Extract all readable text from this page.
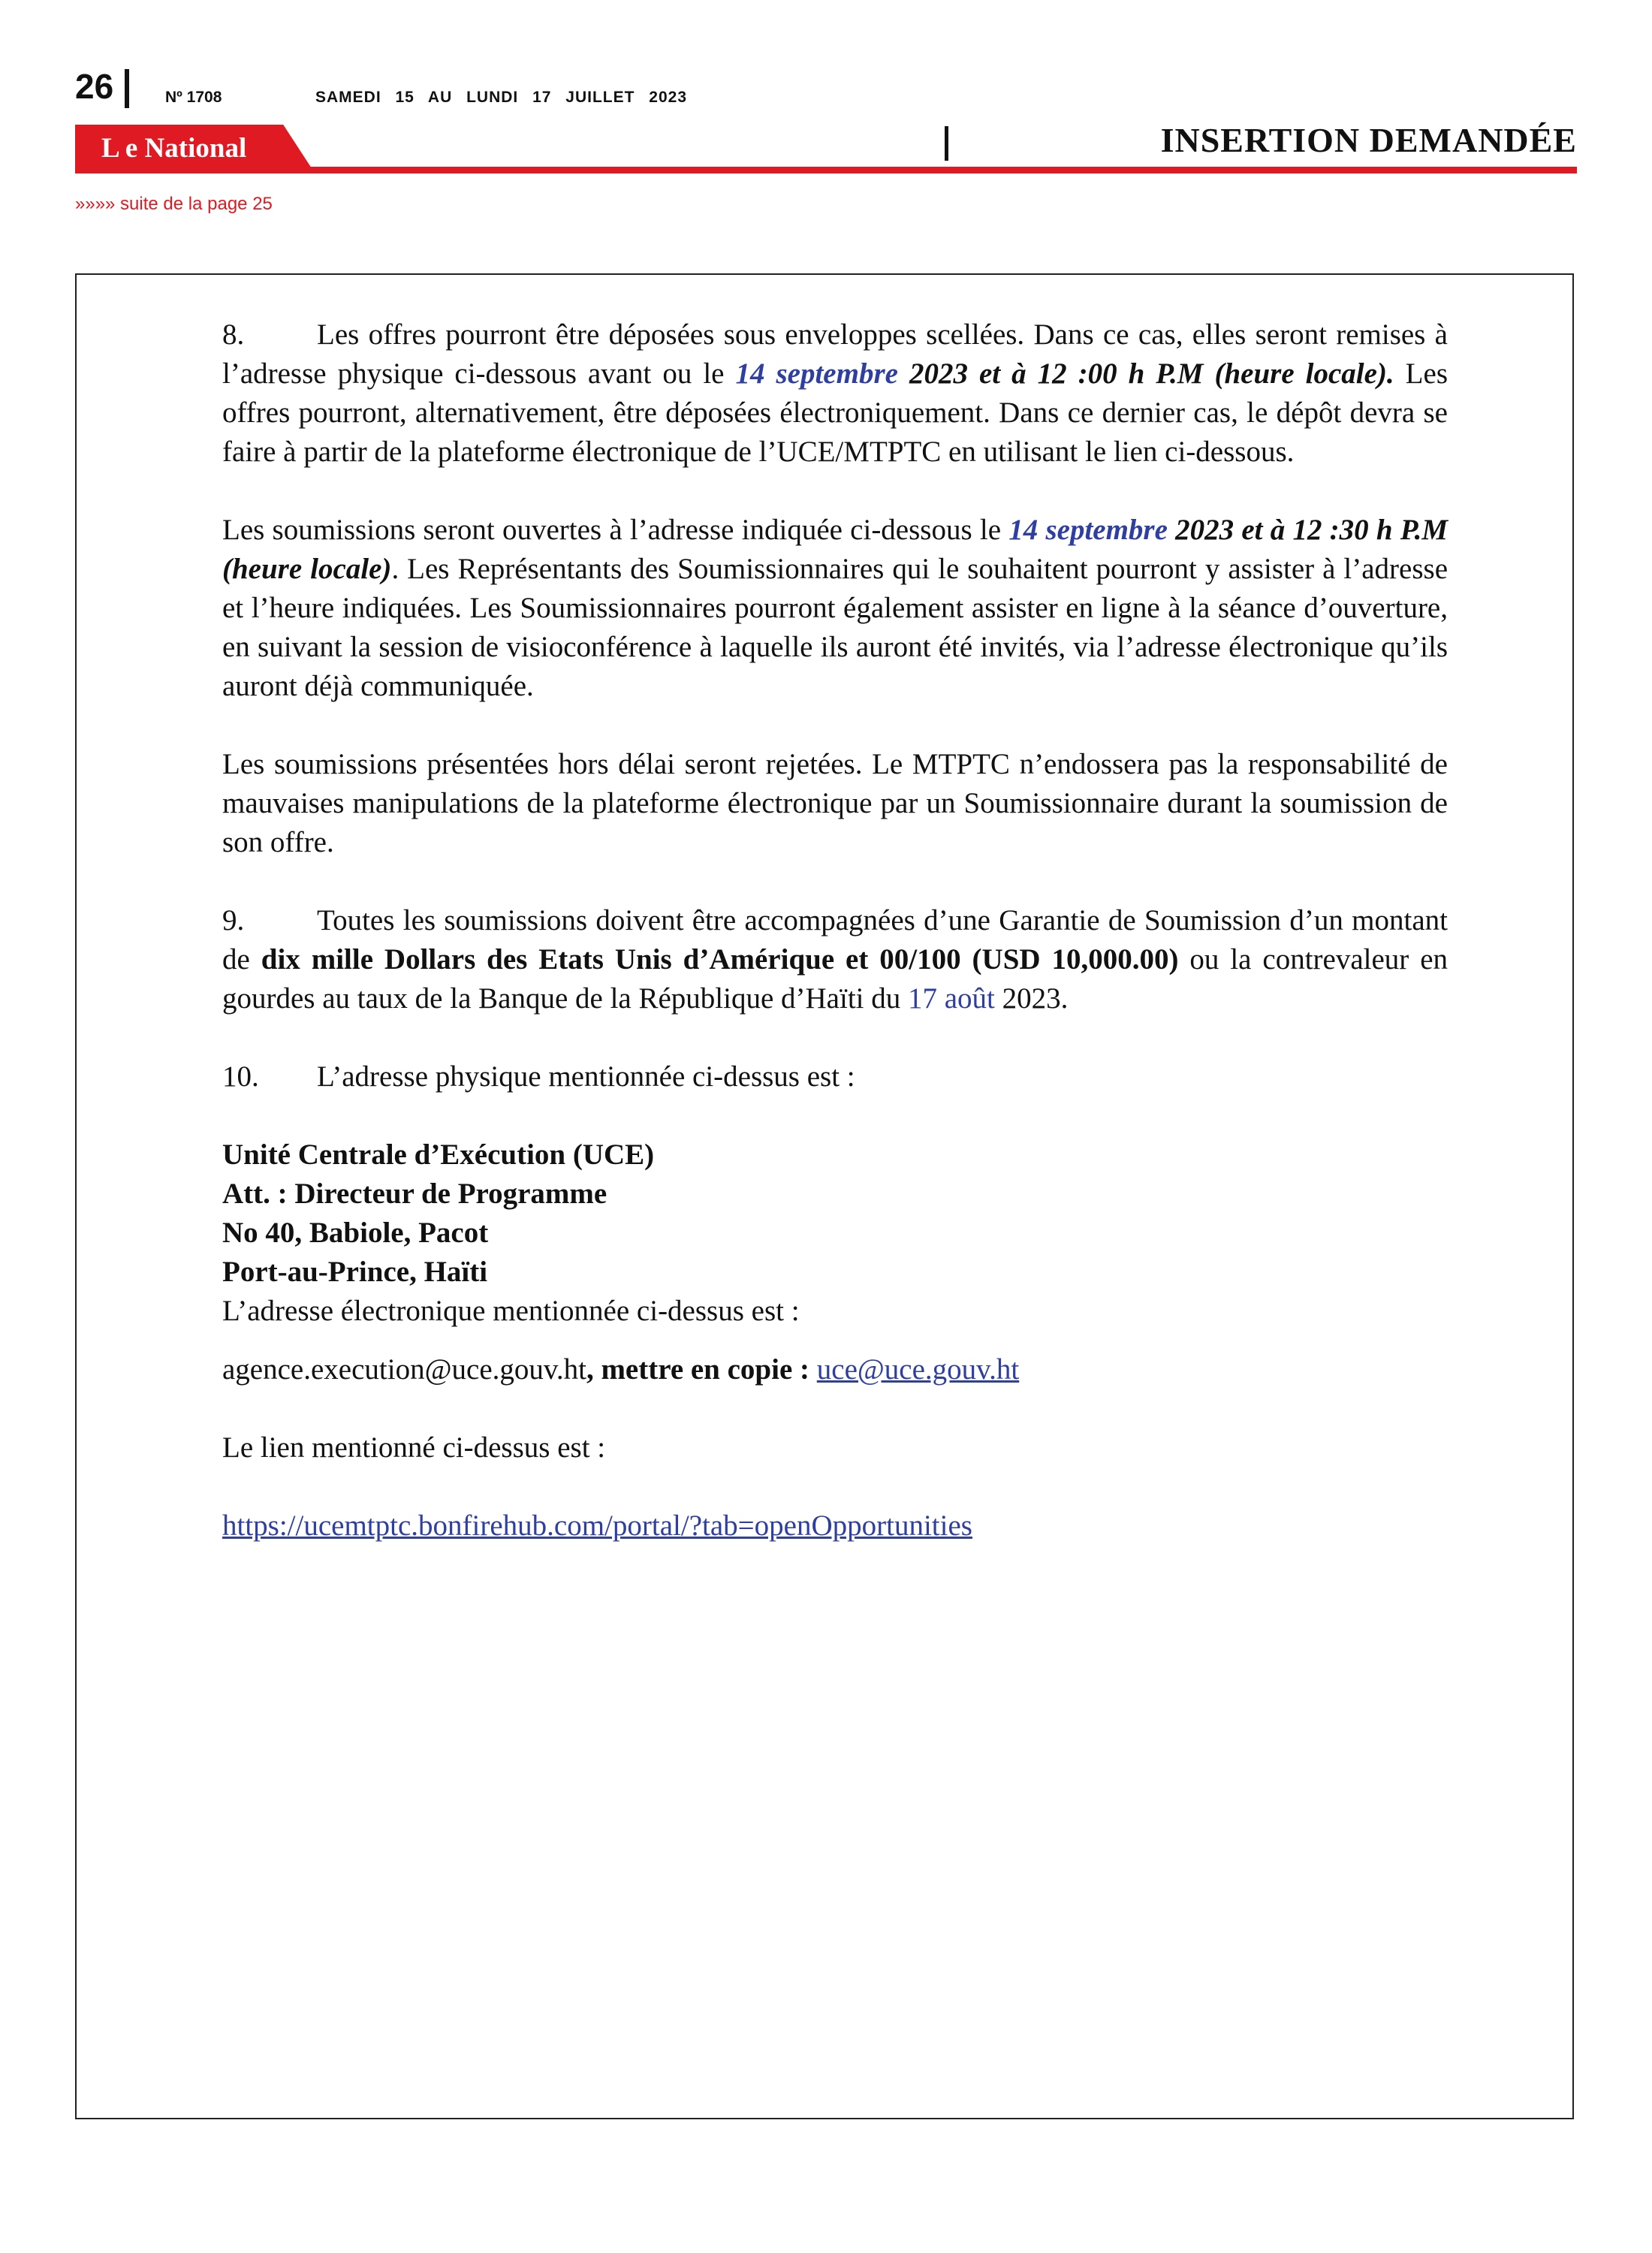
26	Nº 1708	SAMEDI 15 AU LUNDI 17 JUILLET 2023
L e National	INSERTION DEMANDÉE
»»»» suite de la page 25

8. Les offres pourront être déposées sous enveloppes scellées. Dans ce cas, elles seront remises à l’adresse physique ci-dessous avant ou le 14 septembre 2023 et à 12 :00 h P.M (heure locale). Les offres pourront, alternativement, être déposées électroniquement. Dans ce dernier cas, le dépôt devra se faire à partir de la plateforme électronique de l’UCE/MTPTC en utilisant le lien ci-dessous.

Les soumissions seront ouvertes à l’adresse indiquée ci-dessous le 14 septembre 2023 et à 12 :30 h P.M (heure locale). Les Représentants des Soumissionnaires qui le souhaitent pourront y assister à l’adresse et l’heure indiquées. Les Soumissionnaires pourront également assister en ligne à la séance d’ouverture, en suivant la session de visioconférence à laquelle ils auront été invités, via l’adresse électronique qu’ils auront déjà communiquée.

Les soumissions présentées hors délai seront rejetées. Le MTPTC n’endossera pas la responsabilité de mauvaises manipulations de la plateforme électronique par un Soumissionnaire durant la soumission de son offre.

9. Toutes les soumissions doivent être accompagnées d’une Garantie de Soumission d’un montant de dix mille Dollars des Etats Unis d’Amérique et 00/100 (USD 10,000.00) ou la contrevaleur en gourdes au taux de la Banque de la République d’Haïti du 17 août 2023.

10. L’adresse physique mentionnée ci-dessus est :

Unité Centrale d’Exécution (UCE)
Att. : Directeur de Programme
No 40, Babiole, Pacot
Port-au-Prince, Haïti
L’adresse électronique mentionnée ci-dessus est :

agence.execution@uce.gouv.ht, mettre en copie : uce@uce.gouv.ht

Le lien mentionné ci-dessus est :

https://ucemtptc.bonfirehub.com/portal/?tab=openOpportunities
